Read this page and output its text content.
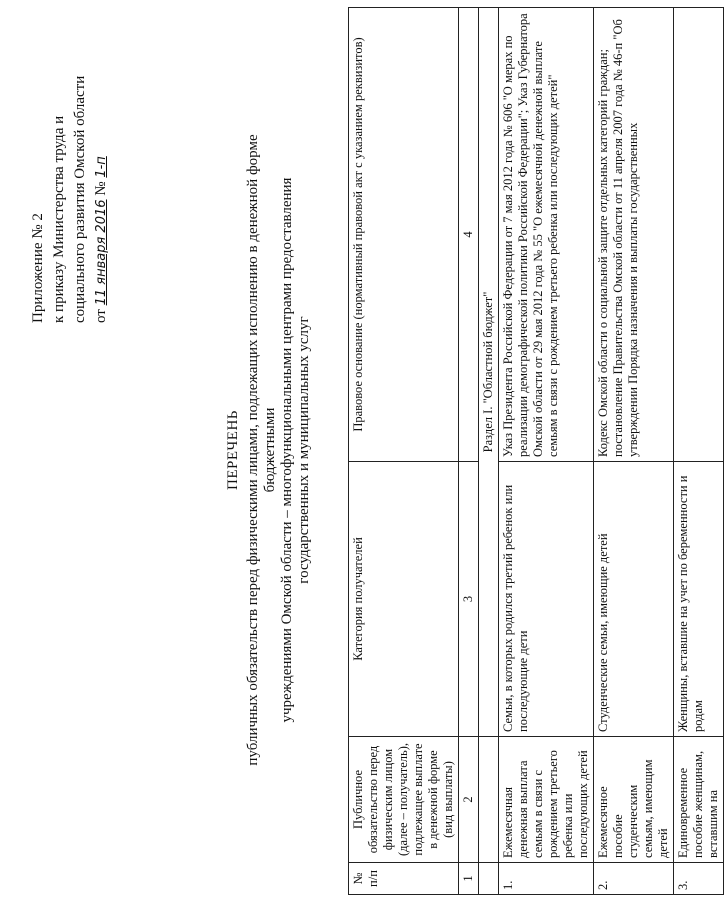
Приложение № 2 к приказу Министерства труда и социального развития Омской области от 11 января 2016 № 1-п
ПЕРЕЧЕНЬ публичных обязательств перед физическими лицами, подлежащих исполнению в денежной форме бюджетными учреждениями Омской области – многофункциональными центрами предоставления государственных и муниципальных услуг
№ п/п	Публичное обязательство перед физическим лицом (далее – получатель), подлежащее выплате в денежной форме (вид выплаты)	Категория получателей	Правовое основание (нормативный правовой акт с указанием реквизитов)
1	2	3	4
		Раздел I. "Областной бюджет"	
1.	Ежемесячная денежная выплата семьям в связи с рождением третьего ребенка или последующих детей	Семьи, в которых родился третий ребенок или последующие дети	Указ Президента Российской Федерации от 7 мая 2012 года № 606 "О мерах по реализации демографической политики Российской Федерации"; Указ Губернатора Омской области от 29 мая 2012 года № 55 "О ежемесячной денежной выплате семьям в связи с рождением третьего ребенка или последующих детей"
2.	Ежемесячное пособие студенческим семьям, имеющим детей	Студенческие семьи, имеющие детей	Кодекс Омской области о социальной защите отдельных категорий граждан; постановление Правительства Омской области от 11 апреля 2007 года № 46-п "Об утверждении Порядка назначения и выплаты государственных
3.	Единовременное пособие женщинам, вставшим на	Женщины, вставшие на учет по беременности и родам	
